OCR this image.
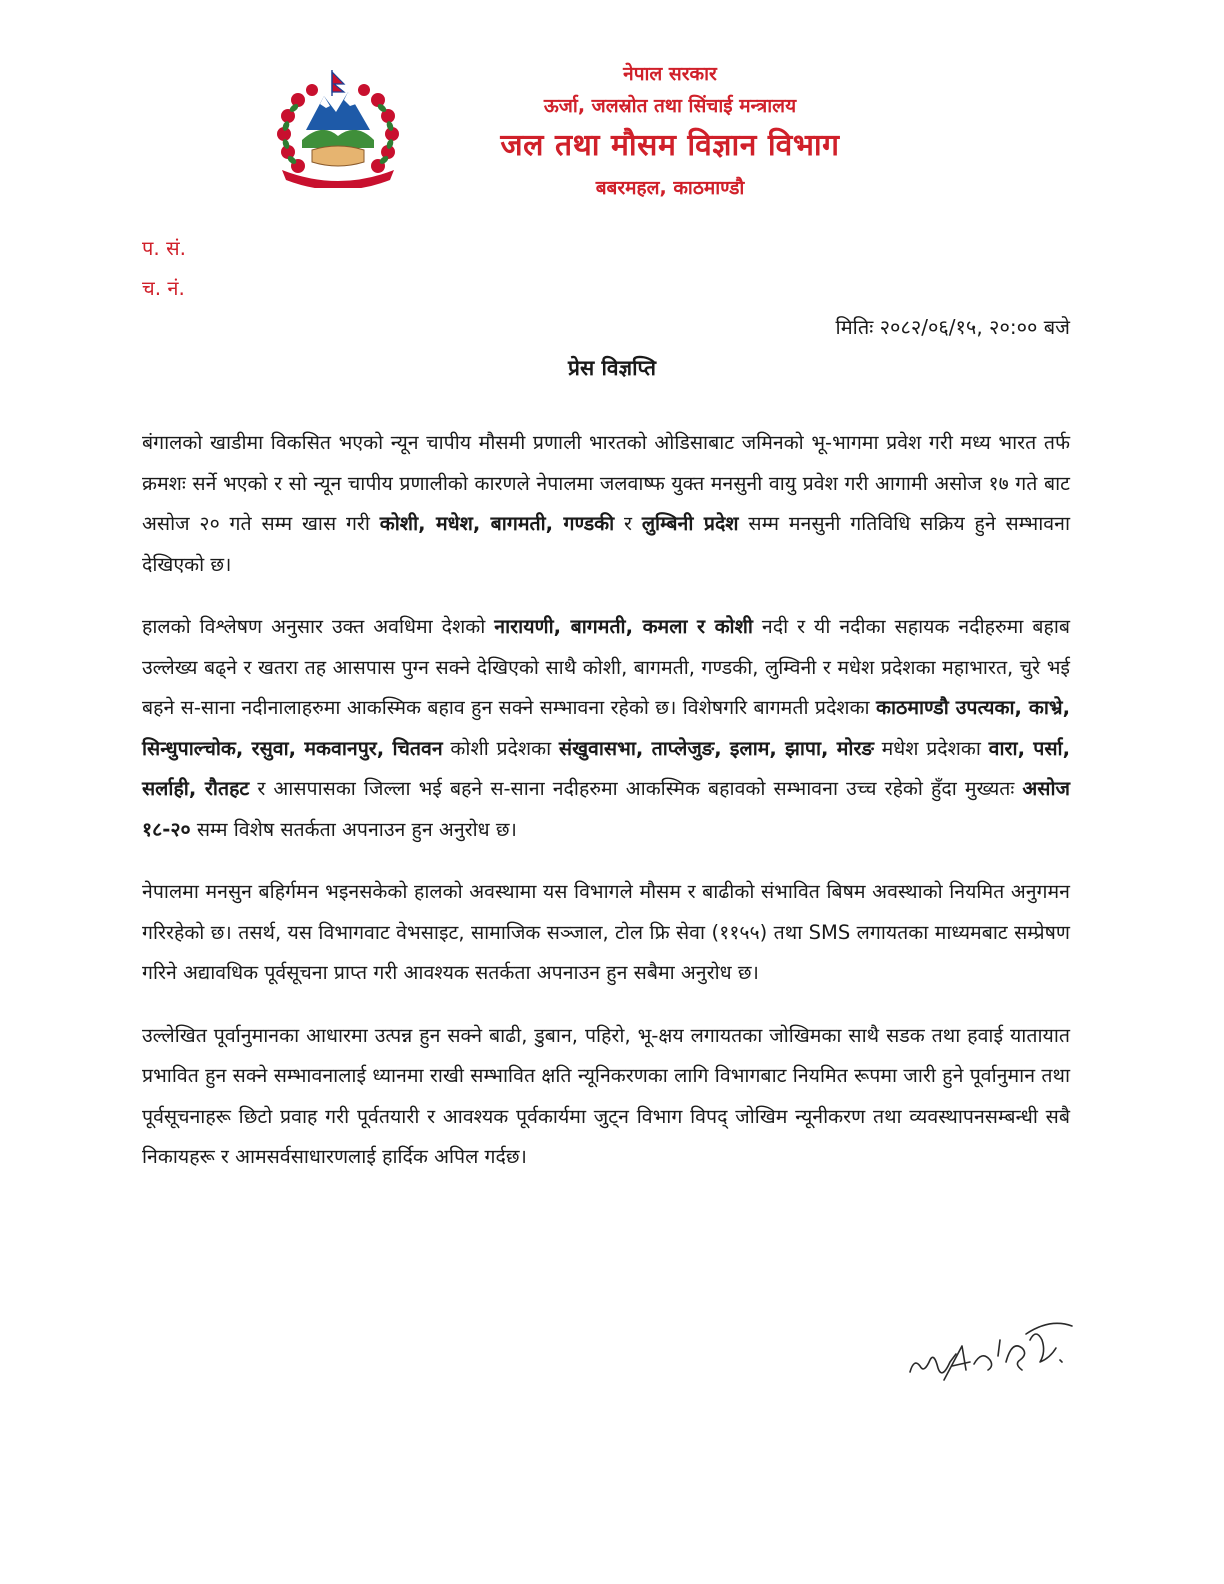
नेपाल सरकार
ऊर्जा, जलस्रोत तथा सिंचाई मन्त्रालय
जल तथा मौसम विज्ञान विभाग
बबरमहल, काठमाण्डौ
प. सं.
च. नं.
मितिः २०८२/०६/१५, २०:०० बजे
प्रेस विज्ञप्ति

बंगालको खाडीमा विकसित भएको न्यून चापीय मौसमी प्रणाली भारतको ओडिसाबाट जमिनको भू-भागमा प्रवेश गरी मध्य भारत तर्फ क्रमशः सर्ने भएको र सो न्यून चापीय प्रणालीको कारणले नेपालमा जलवाष्फ युक्त मनसुनी वायु प्रवेश गरी आगामी असोज १७ गते बाट असोज २० गते सम्म खास गरी कोशी, मधेश, बागमती, गण्डकी र लुम्बिनी प्रदेश सम्म मनसुनी गतिविधि सक्रिय हुने सम्भावना देखिएको छ।

हालको विश्लेषण अनुसार उक्त अवधिमा देशको नारायणी, बागमती, कमला र कोशी नदी र यी नदीका सहायक नदीहरुमा बहाब उल्लेख्य बढ्ने र खतरा तह आसपास पुग्न सक्ने देखिएको साथै कोशी, बागमती, गण्डकी, लुम्विनी र मधेश प्रदेशका महाभारत, चुरे भई बहने स-साना नदीनालाहरुमा आकस्मिक बहाव हुन सक्ने सम्भावना रहेको छ। विशेषगरि बागमती प्रदेशका काठमाण्डौ उपत्यका, काभ्रे, सिन्धुपाल्चोक, रसुवा, मकवानपुर, चितवन कोशी प्रदेशका संखुवासभा, ताप्लेजुङ, इलाम, झापा, मोरङ मधेश प्रदेशका वारा, पर्सा, सर्लाही, रौतहट र आसपासका जिल्ला भई बहने स-साना नदीहरुमा आकस्मिक बहावको सम्भावना उच्च रहेको हुँदा मुख्यतः असोज १८-२० सम्म विशेष सतर्कता अपनाउन हुन अनुरोध छ।

नेपालमा मनसुन बहिर्गमन भइनसकेको हालको अवस्थामा यस विभागले मौसम र बाढीको संभावित बिषम अवस्थाको नियमित अनुगमन गरिरहेको छ। तसर्थ, यस विभागवाट वेभसाइट, सामाजिक सञ्जाल, टोल फ्रि सेवा (११५५) तथा SMS लगायतका माध्यमबाट सम्प्रेषण गरिने अद्यावधिक पूर्वसूचना प्राप्त गरी आवश्यक सतर्कता अपनाउन हुन सबैमा अनुरोध छ।

उल्लेखित पूर्वानुमानका आधारमा उत्पन्न हुन सक्ने बाढी, डुबान, पहिरो, भू-क्षय लगायतका जोखिमका साथै सडक तथा हवाई यातायात प्रभावित हुन सक्ने सम्भावनालाई ध्यानमा राखी सम्भावित क्षति न्यूनिकरणका लागि विभागबाट नियमित रूपमा जारी हुने पूर्वानुमान तथा पूर्वसूचनाहरू छिटो प्रवाह गरी पूर्वतयारी र आवश्यक पूर्वकार्यमा जुट्न विभाग विपद् जोखिम न्यूनीकरण तथा व्यवस्थापनसम्बन्धी सबै निकायहरू र आमसर्वसाधारणलाई हार्दिक अपिल गर्दछ।
